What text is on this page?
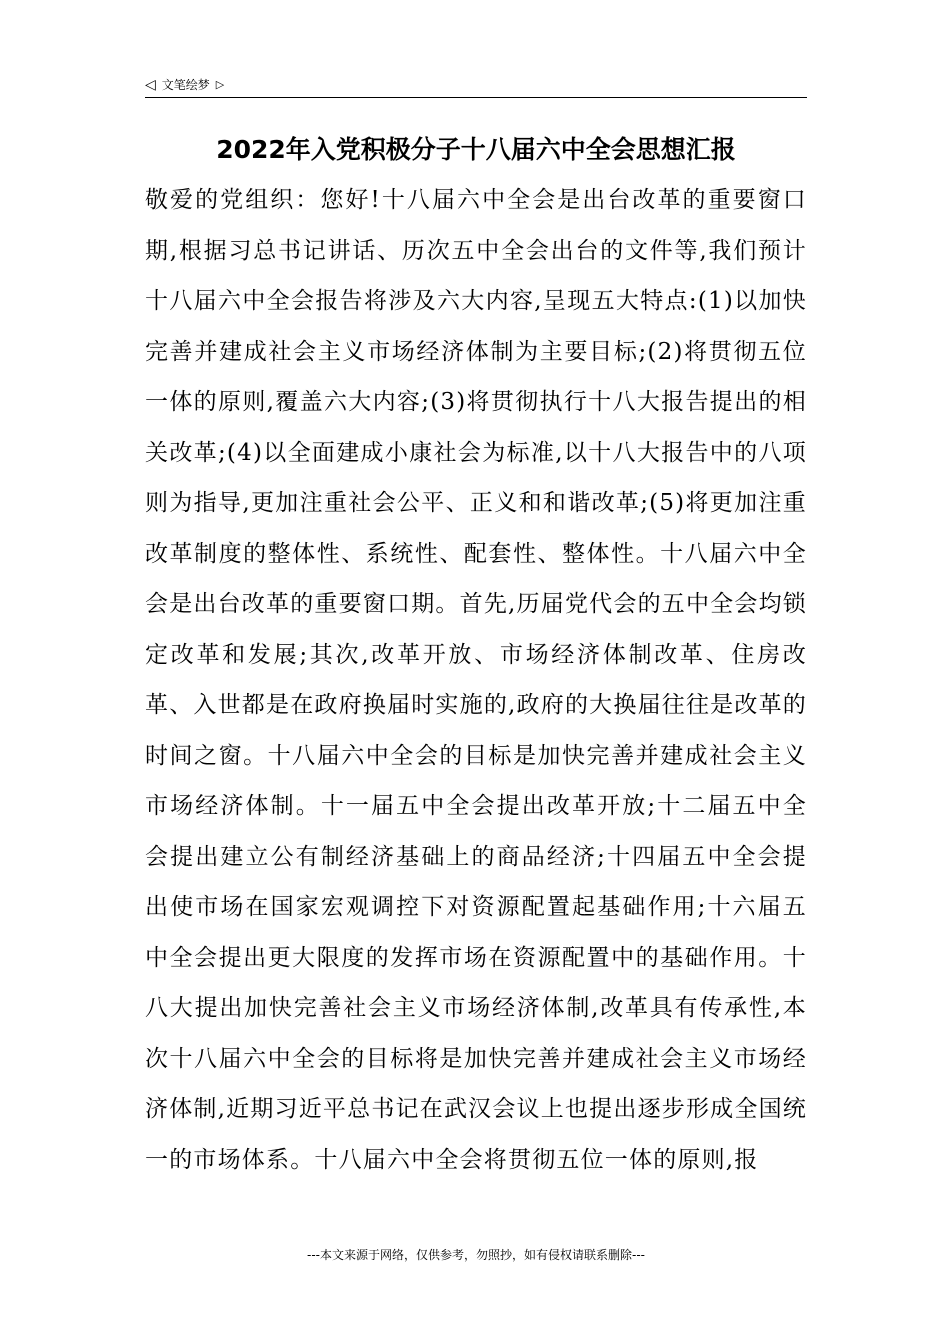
◁ 文笔绘梦 ▷
2022年入党积极分子十八届六中全会思想汇报

敬爱的党组织：您好!十八届六中全会是出台改革的重要窗口期,根据习总书记讲话、历次五中全会出台的文件等,我们预计十八届六中全会报告将涉及六大内容,呈现五大特点:(1)以加快完善并建成社会主义市场经济体制为主要目标;(2)将贯彻五位一体的原则,覆盖六大内容;(3)将贯彻执行十八大报告提出的相关改革;(4)以全面建成小康社会为标准,以十八大报告中的八项则为指导,更加注重社会公平、正义和和谐改革;(5)将更加注重改革制度的整体性、系统性、配套性、整体性。十八届六中全会是出台改革的重要窗口期。首先,历届党代会的五中全会均锁定改革和发展;其次,改革开放、市场经济体制改革、住房改革、入世都是在政府换届时实施的,政府的大换届往往是改革的时间之窗。十八届六中全会的目标是加快完善并建成社会主义市场经济体制。十一届五中全会提出改革开放;十二届五中全会提出建立公有制经济基础上的商品经济;十四届五中全会提出使市场在国家宏观调控下对资源配置起基础作用;十六届五中全会提出更大限度的发挥市场在资源配置中的基础作用。十八大提出加快完善社会主义市场经济体制,改革具有传承性,本次十八届六中全会的目标将是加快完善并建成社会主义市场经济体制,近期习近平总书记在武汉会议上也提出逐步形成全国统一的市场体系。十八届六中全会将贯彻五位一体的原则,报

---本文来源于网络，仅供参考，勿照抄，如有侵权请联系删除---
